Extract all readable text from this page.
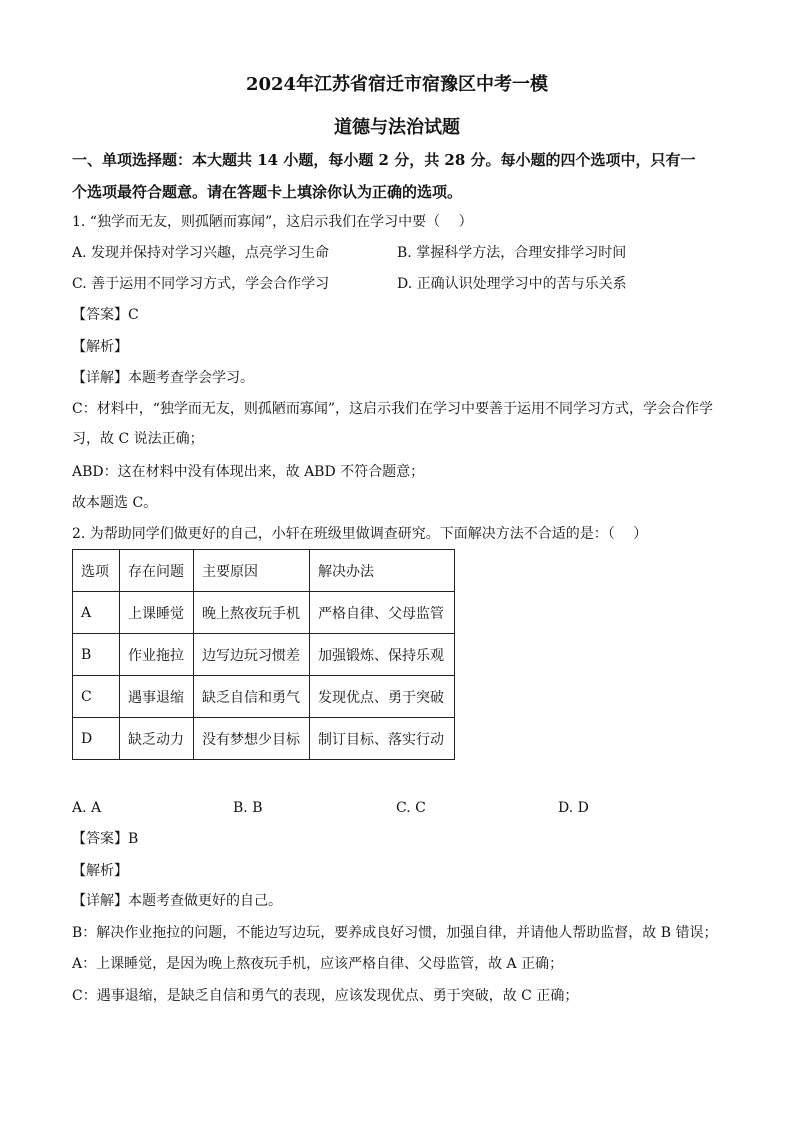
2024年江苏省宿迁市宿豫区中考一模
道德与法治试题
一、单项选择题：本大题共 14 小题，每小题 2 分，共 28 分。每小题的四个选项中，只有一
个选项最符合题意。请在答题卡上填涂你认为正确的选项。
1. “独学而无友，则孤陋而寡闻”，这启示我们在学习中要（　 ）
A. 发现并保持对学习兴趣，点亮学习生命	B. 掌握科学方法，合理安排学习时间
C. 善于运用不同学习方式，学会合作学习	D. 正确认识处理学习中的苦与乐关系
【答案】C
【解析】
【详解】本题考查学会学习。
C：材料中，“独学而无友，则孤陋而寡闻”，这启示我们在学习中要善于运用不同学习方式，学会合作学
习，故 C 说法正确；
ABD：这在材料中没有体现出来，故 ABD 不符合题意；
故本题选 C。
2. 为帮助同学们做更好的自己，小轩在班级里做调查研究。下面解决方法不合适的是：（　 ）
选项	存在问题	主要原因	解决办法
A	上课睡觉	晚上熬夜玩手机	严格自律、父母监管
B	作业拖拉	边写边玩习惯差	加强锻炼、保持乐观
C	遇事退缩	缺乏自信和勇气	发现优点、勇于突破
D	缺乏动力	没有梦想少目标	制订目标、落实行动
A. A	B. B	C. C	D. D
【答案】B
【解析】
【详解】本题考查做更好的自己。
B：解决作业拖拉的问题，不能边写边玩，要养成良好习惯，加强自律，并请他人帮助监督，故 B 错误；
A：上课睡觉，是因为晚上熬夜玩手机，应该严格自律、父母监管，故 A 正确；
C：遇事退缩，是缺乏自信和勇气的表现，应该发现优点、勇于突破，故 C 正确；
